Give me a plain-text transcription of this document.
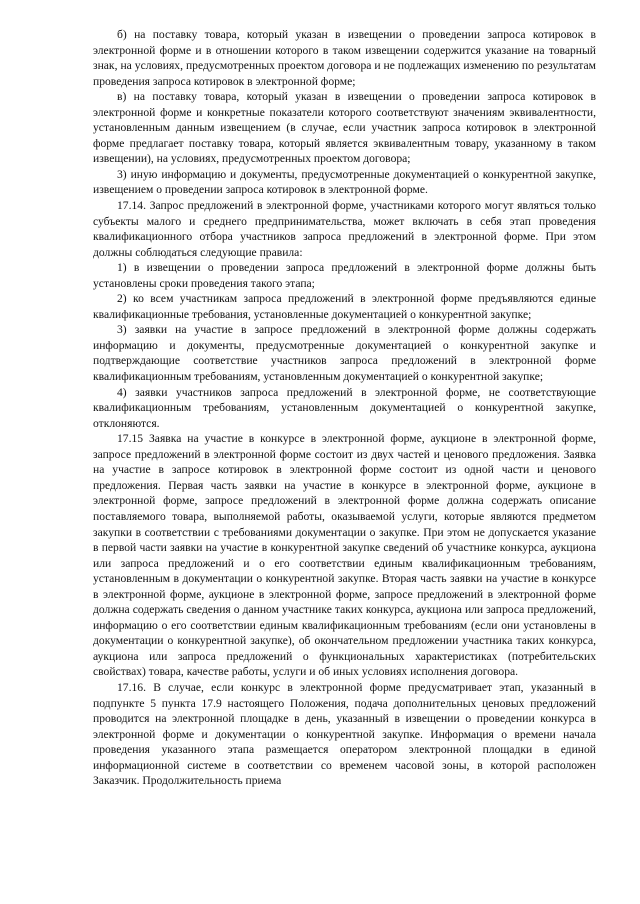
б) на поставку товара, который указан в извещении о проведении запроса котировок в электронной форме и в отношении которого в таком извещении содержится указание на товарный знак, на условиях, предусмотренных проектом договора и не подлежащих изменению по результатам проведения запроса котировок в электронной форме;

в) на поставку товара, который указан в извещении о проведении запроса котировок в электронной форме и конкретные показатели которого соответствуют значениям эквивалентности, установленным данным извещением (в случае, если участник запроса котировок в электронной форме предлагает поставку товара, который является эквивалентным товару, указанному в таком извещении), на условиях, предусмотренных проектом договора;

3) иную информацию и документы, предусмотренные документацией о конкурентной закупке, извещением о проведении запроса котировок в электронной форме.

17.14. Запрос предложений в электронной форме, участниками которого могут являться только субъекты малого и среднего предпринимательства, может включать в себя этап проведения квалификационного отбора участников запроса предложений в электронной форме. При этом должны соблюдаться следующие правила:

1) в извещении о проведении запроса предложений в электронной форме должны быть установлены сроки проведения такого этапа;

2) ко всем участникам запроса предложений в электронной форме предъявляются единые квалификационные требования, установленные документацией о конкурентной закупке;

3) заявки на участие в запросе предложений в электронной форме должны содержать информацию и документы, предусмотренные документацией о конкурентной закупке и подтверждающие соответствие участников запроса предложений в электронной форме квалификационным требованиям, установленным документацией о конкурентной закупке;

4) заявки участников запроса предложений в электронной форме, не соответствующие квалификационным требованиям, установленным документацией о конкурентной закупке, отклоняются.

17.15 Заявка на участие в конкурсе в электронной форме, аукционе в электронной форме, запросе предложений в электронной форме состоит из двух частей и ценового предложения. Заявка на участие в запросе котировок в электронной форме состоит из одной части и ценового предложения. Первая часть заявки на участие в конкурсе в электронной форме, аукционе в электронной форме, запросе предложений в электронной форме должна содержать описание поставляемого товара, выполняемой работы, оказываемой услуги, которые являются предметом закупки в соответствии с требованиями документации о закупке. При этом не допускается указание в первой части заявки на участие в конкурентной закупке сведений об участнике конкурса, аукциона или запроса предложений и о его соответствии единым квалификационным требованиям, установленным в документации о конкурентной закупке. Вторая часть заявки на участие в конкурсе в электронной форме, аукционе в электронной форме, запросе предложений в электронной форме должна содержать сведения о данном участнике таких конкурса, аукциона или запроса предложений, информацию о его соответствии единым квалификационным требованиям (если они установлены в документации о конкурентной закупке), об окончательном предложении участника таких конкурса, аукциона или запроса предложений о функциональных характеристиках (потребительских свойствах) товара, качестве работы, услуги и об иных условиях исполнения договора.

17.16. В случае, если конкурс в электронной форме предусматривает этап, указанный в подпункте 5 пункта 17.9 настоящего Положения, подача дополнительных ценовых предложений проводится на электронной площадке в день, указанный в извещении о проведении конкурса в электронной форме и документации о конкурентной закупке. Информация о времени начала проведения указанного этапа размещается оператором электронной площадки в единой информационной системе в соответствии со временем часовой зоны, в которой расположен Заказчик. Продолжительность приема
